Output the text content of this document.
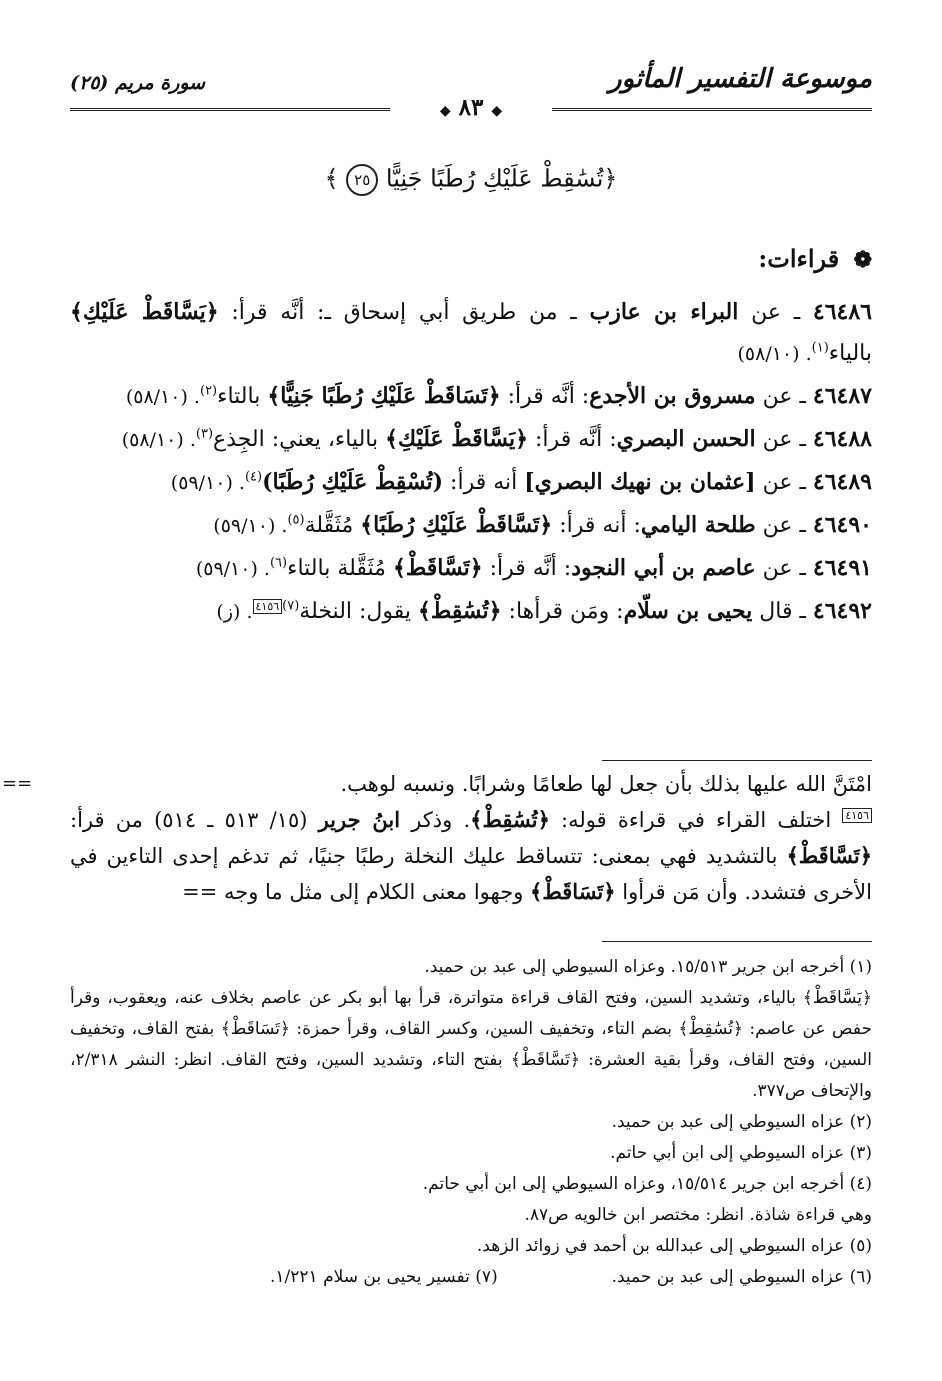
موسوعة التفسير المأثور
سورة مريم (٢٥)
◆ ٨٣ ◆
﴿تُسَٰقِطْ عَلَيْكِ رُطَبًا جَنِيًّا ٢٥ ﴾
❁ قراءات:
٤٦٤٨٦ ـ عن البراء بن عازب ـ من طريق أبي إسحاق ـ: أنَّه قرأ: ﴿يَسَّاقَطْ عَلَيْكِ﴾ بالياء$^{(١)}$. (٥٨/١٠)
٤٦٤٨٧ ـ عن مسروق بن الأجدع: أنَّه قرأ: ﴿تَسَاقَطْ عَلَيْكِ رُطَبًا جَنِيًّا﴾ بالتاء$^{(٢)}$. (٥٨/١٠)
٤٦٤٨٨ ـ عن الحسن البصري: أنَّه قرأ: ﴿يَسَّاقَطْ عَلَيْكِ﴾ بالياء، يعني: الجِذع$^{(٣)}$. (٥٨/١٠)
٤٦٤٨٩ ـ عن [عثمان بن نهيك البصري] أنه قرأ: (تُسْقِطْ عَلَيْكِ رُطَبًا)$^{(٤)}$. (٥٩/١٠)
٤٦٤٩٠ ـ عن طلحة اليامي: أنه قرأ: ﴿تَسَّاقَطْ عَلَيْكِ رُطَبًا﴾ مُثَقَّلة$^{(٥)}$. (٥٩/١٠)
٤٦٤٩١ ـ عن عاصم بن أبي النجود: أنَّه قرأ: ﴿تَسَّاقَطْ﴾ مُثَقَّلة بالتاء$^{(٦)}$. (٥٩/١٠)
٤٦٤٩٢ ـ قال يحيى بن سلّام: ومَن قرأها: ﴿تُسَٰقِطْ﴾ يقول: النخلة$^{(٧)}$٤١٥٦. (ز)

==	امْتَنَّ الله عليها بذلك بأن جعل لها طعامًا وشرابًا. ونسبه لوهب.

٤١٥٦ اختلف القراء في قراءة قوله: ﴿تُسَٰقِطْ﴾. وذكر ابنُ جرير (١٥/ ٥١٣ ـ ٥١٤) من قرأ: ﴿تَسَّاقَطْ﴾ بالتشديد فهي بمعنى: تتساقط عليك النخلة رطبًا جنيًا، ثم تدغم إحدى التاءين في الأخرى فتشدد. وأن مَن قرأوا ﴿تَسَاقَطْ﴾ وجهوا معنى الكلام إلى مثل ما وجه ==

(١) أخرجه ابن جرير ١٥/٥١٣. وعزاه السيوطي إلى عبد بن حميد.

﴿يَسَّاقَطْ﴾ بالياء، وتشديد السين، وفتح القاف قراءة متواترة، قرأ بها أبو بكر عن عاصم بخلاف عنه، ويعقوب، وقرأ حفص عن عاصم: ﴿تُسَٰقِطْ﴾ بضم التاء، وتخفيف السين، وكسر القاف، وقرأ حمزة: ﴿تَسَاقَطْ﴾ بفتح القاف، وتخفيف السين، وفتح القاف، وقرأ بقية العشرة: ﴿تَسَّاقَطْ﴾ بفتح التاء، وتشديد السين، وفتح القاف. انظر: النشر ٢/٣١٨، والإتحاف ص٣٧٧.

(٢) عزاه السيوطي إلى عبد بن حميد.

(٣) عزاه السيوطي إلى ابن أبي حاتم.

(٤) أخرجه ابن جرير ١٥/٥١٤، وعزاه السيوطي إلى ابن أبي حاتم.

وهي قراءة شاذة. انظر: مختصر ابن خالويه ص٨٧.

(٥) عزاه السيوطي إلى عبدالله بن أحمد في زوائد الزهد.

(٦) عزاه السيوطي إلى عبد بن حميد.
(٧) تفسير يحيى بن سلام ١/٢٢١.
